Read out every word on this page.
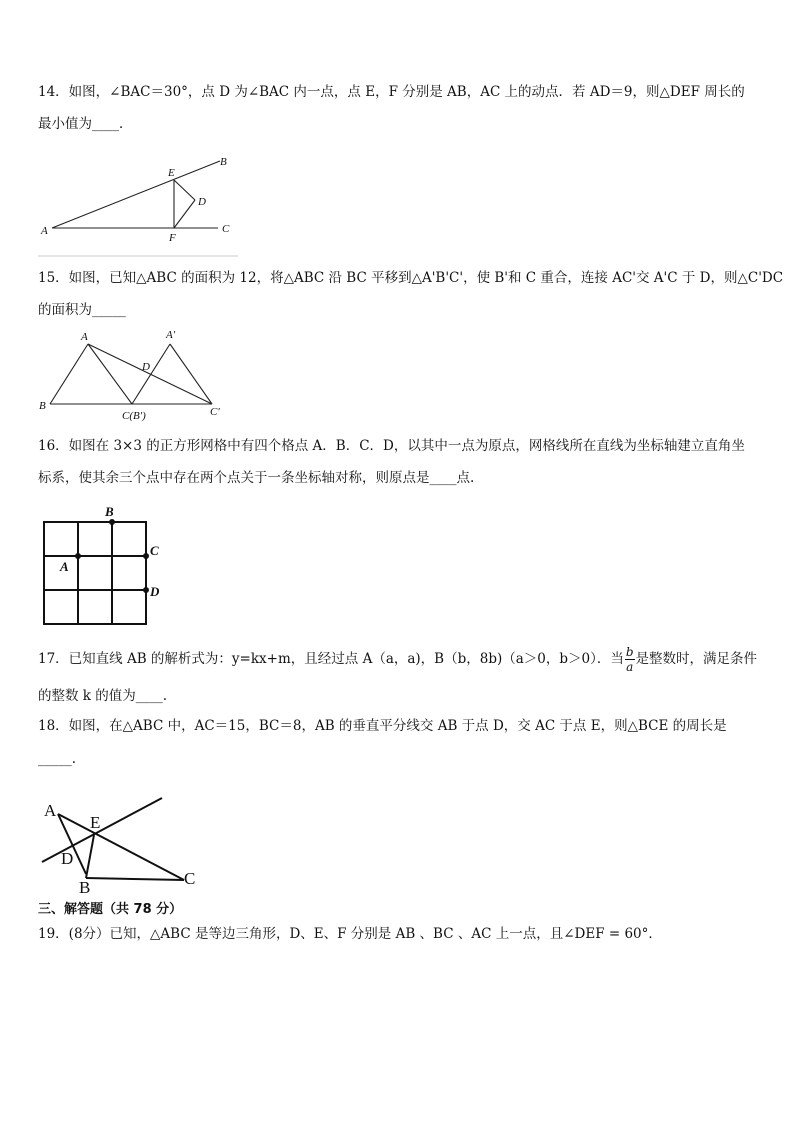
14．如图，∠BAC＝30°，点 D 为∠BAC 内一点，点 E，F 分别是 AB，AC 上的动点．若 AD＝9，则△DEF 周长的
最小值为____．
A
B
C
D
E
F
15．如图，已知△ABC 的面积为 12，将△ABC 沿 BC 平移到△A'B'C'，使 B'和 C 重合，连接 AC'交 A'C 于 D，则△C'DC
的面积为_____
A	A′
B
C(B′)	C′
D
16．如图在 3×3 的正方形网格中有四个格点 A．B．C．D，以其中一点为原点，网格线所在直线为坐标轴建立直角坐
标系，使其余三个点中存在两个点关于一条坐标轴对称，则原点是____点.
B
A
C
D
17．已知直线 AB 的解析式为：y=kx+m，且经过点 A（a，a)，B（b，8b)（a＞0，b＞0）．当 $\frac{b}{a}$ 是整数时，满足条件
的整数 k 的值为____.
18．如图，在△ABC 中，AC＝15，BC＝8，AB 的垂直平分线交 AB 于点 D，交 AC 于点 E，则△BCE 的周长是
_____.
A
E
D
B	C
三、解答题（共 78 分）
19．(8分）已知，△ABC 是等边三角形，D、E、F 分别是 AB 、BC 、AC 上一点，且∠DEF = 60°．
